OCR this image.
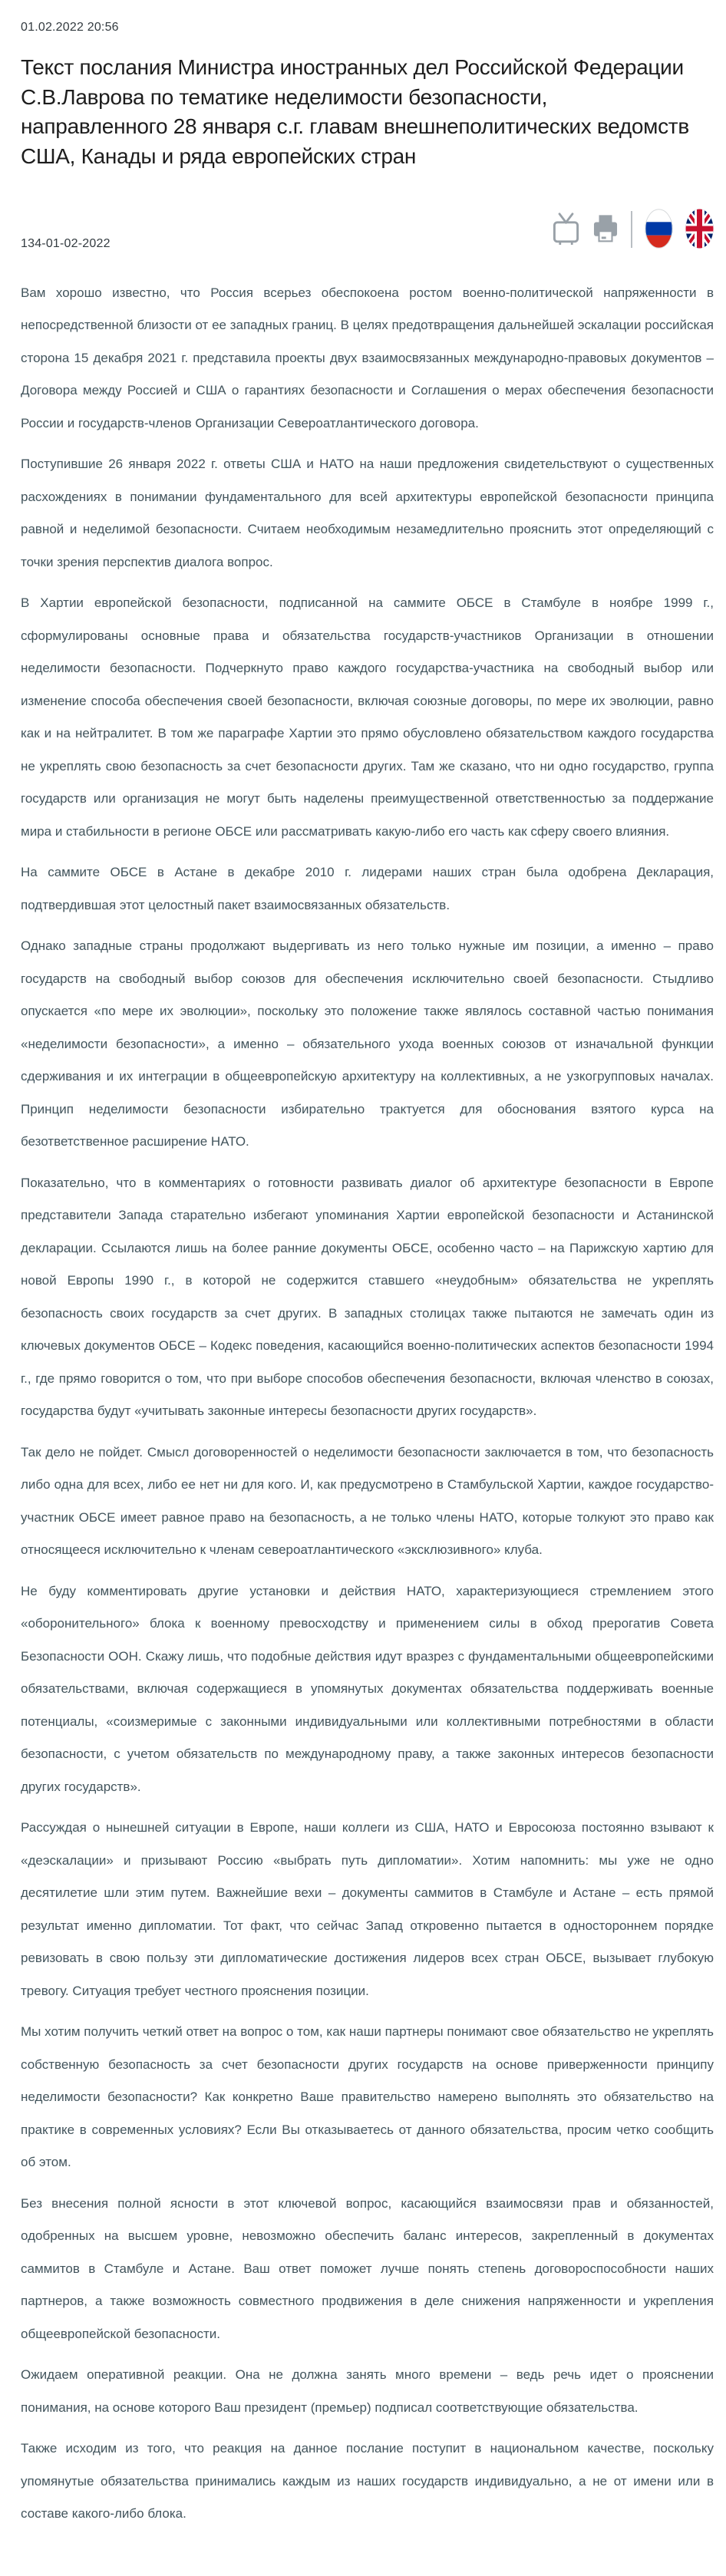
01.02.2022 20:56
Текст послания Министра иностранных дел Российской Федерации С.В.Лаврова по тематике неделимости безопасности, направленного 28 января с.г. главам внешнеполитических ведомств США, Канады и ряда европейских стран
134-01-02-2022

Вам хорошо известно, что Россия всерьез обеспокоена ростом военно-политической напряженности в непосредственной близости от ее западных границ. В целях предотвращения дальнейшей эскалации российская сторона 15 декабря 2021 г. представила проекты двух взаимосвязанных международно-правовых документов – Договора между Россией и США о гарантиях безопасности и Соглашения о мерах обеспечения безопасности России и государств-членов Организации Североатлантического договора.

Поступившие 26 января 2022 г. ответы США и НАТО на наши предложения свидетельствуют о существенных расхождениях в понимании фундаментального для всей архитектуры европейской безопасности принципа равной и неделимой безопасности. Считаем необходимым незамедлительно прояснить этот определяющий с точки зрения перспектив диалога вопрос.

В Хартии европейской безопасности, подписанной на саммите ОБСЕ в Стамбуле в ноябре 1999 г., сформулированы основные права и обязательства государств-участников Организации в отношении неделимости безопасности. Подчеркнуто право каждого государства-участника на свободный выбор или изменение способа обеспечения своей безопасности, включая союзные договоры, по мере их эволюции, равно как и на нейтралитет. В том же параграфе Хартии это прямо обусловлено обязательством каждого государства не укреплять свою безопасность за счет безопасности других. Там же сказано, что ни одно государство, группа государств или организация не могут быть наделены преимущественной ответственностью за поддержание мира и стабильности в регионе ОБСЕ или рассматривать какую-либо его часть как сферу своего влияния.

На саммите ОБСЕ в Астане в декабре 2010 г. лидерами наших стран была одобрена Декларация, подтвердившая этот целостный пакет взаимосвязанных обязательств.

Однако западные страны продолжают выдергивать из него только нужные им позиции, а именно – право государств на свободный выбор союзов для обеспечения исключительно своей безопасности. Стыдливо опускается «по мере их эволюции», поскольку это положение также являлось составной частью понимания «неделимости безопасности», а именно – обязательного ухода военных союзов от изначальной функции сдерживания и их интеграции в общеевропейскую архитектуру на коллективных, а не узкогрупповых началах. Принцип неделимости безопасности избирательно трактуется для обоснования взятого курса на безответственное расширение НАТО.

Показательно, что в комментариях о готовности развивать диалог об архитектуре безопасности в Европе представители Запада старательно избегают упоминания Хартии европейской безопасности и Астанинской декларации. Ссылаются лишь на более ранние документы ОБСЕ, особенно часто – на Парижскую хартию для новой Европы 1990 г., в которой не содержится ставшего «неудобным» обязательства не укреплять безопасность своих государств за счет других. В западных столицах также пытаются не замечать один из ключевых документов ОБСЕ – Кодекс поведения, касающийся военно-политических аспектов безопасности 1994 г., где прямо говорится о том, что при выборе способов обеспечения безопасности, включая членство в союзах, государства будут «учитывать законные интересы безопасности других государств».

Так дело не пойдет. Смысл договоренностей о неделимости безопасности заключается в том, что безопасность либо одна для всех, либо ее нет ни для кого. И, как предусмотрено в Стамбульской Хартии, каждое государство-участник ОБСЕ имеет равное право на безопасность, а не только члены НАТО, которые толкуют это право как относящееся исключительно к членам североатлантического «эксклюзивного» клуба.

Не буду комментировать другие установки и действия НАТО, характеризующиеся стремлением этого «оборонительного» блока к военному превосходству и применением силы в обход прерогатив Совета Безопасности ООН. Скажу лишь, что подобные действия идут вразрез с фундаментальными общеевропейскими обязательствами, включая содержащиеся в упомянутых документах обязательства поддерживать военные потенциалы, «соизмеримые с законными индивидуальными или коллективными потребностями в области безопасности, с учетом обязательств по международному праву, а также законных интересов безопасности других государств».

Рассуждая о нынешней ситуации в Европе, наши коллеги из США, НАТО и Евросоюза постоянно взывают к «деэскалации» и призывают Россию «выбрать путь дипломатии». Хотим напомнить: мы уже не одно десятилетие шли этим путем. Важнейшие вехи – документы саммитов в Стамбуле и Астане – есть прямой результат именно дипломатии. Тот факт, что сейчас Запад откровенно пытается в одностороннем порядке ревизовать в свою пользу эти дипломатические достижения лидеров всех стран ОБСЕ, вызывает глубокую тревогу. Ситуация требует честного прояснения позиции.

Мы хотим получить четкий ответ на вопрос о том, как наши партнеры понимают свое обязательство не укреплять собственную безопасность за счет безопасности других государств на основе приверженности принципу неделимости безопасности? Как конкретно Ваше правительство намерено выполнять это обязательство на практике в современных условиях? Если Вы отказываетесь от данного обязательства, просим четко сообщить об этом.

Без внесения полной ясности в этот ключевой вопрос, касающийся взаимосвязи прав и обязанностей, одобренных на высшем уровне, невозможно обеспечить баланс интересов, закрепленный в документах саммитов в Стамбуле и Астане. Ваш ответ поможет лучше понять степень договороспособности наших партнеров, а также возможность совместного продвижения в деле снижения напряженности и укрепления общеевропейской безопасности.

Ожидаем оперативной реакции. Она не должна занять много времени – ведь речь идет о прояснении понимания, на основе которого Ваш президент (премьер) подписал соответствующие обязательства.

Также исходим из того, что реакция на данное послание поступит в национальном качестве, поскольку упомянутые обязательства принимались каждым из наших государств индивидуально, а не от имени или в составе какого-либо блока.
